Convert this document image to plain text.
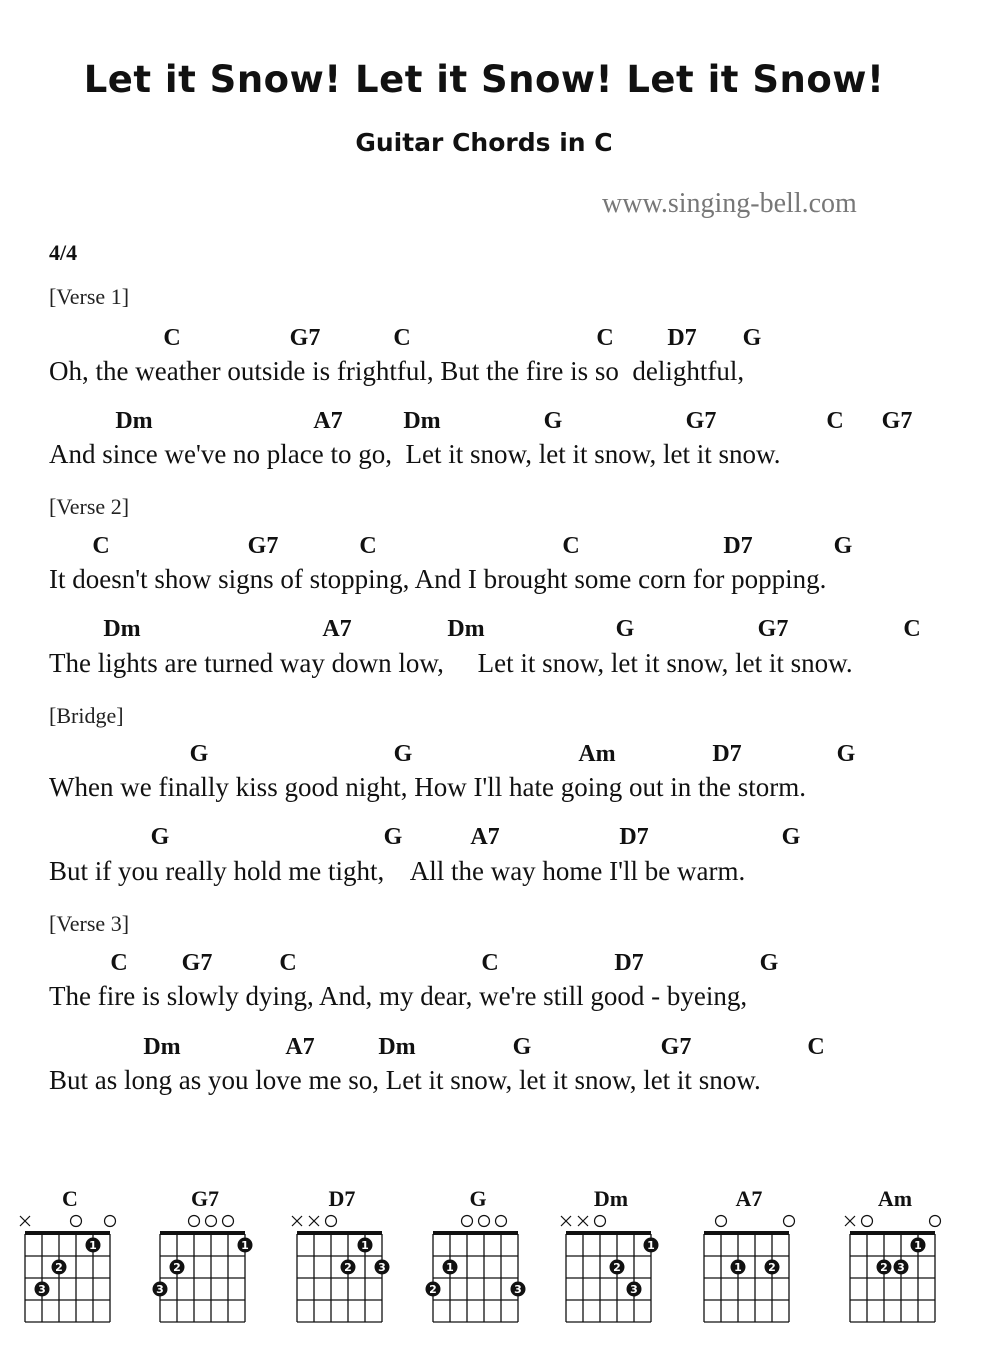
Let it Snow! Let it Snow! Let it Snow!
Guitar Chords in C
www.singing-bell.com
4/4
[Verse 1]
C	G7	C	C D7 G
Oh, the weather outside is frightful, But the fire is so  delightful,
Dm	A7	Dm	G	G7	C G7
And since we've no place to go,  Let it snow, let it snow, let it snow.
[Verse 2]
C	G7	C	C	D7	G
It doesn't show signs of stopping, And I brought some corn for popping.
Dm	A7	Dm	G	G7	C
The lights are turned way down low,     Let it snow, let it snow, let it snow.
[Bridge]
G	G	Am	D7	G
When we finally kiss good night, How I'll hate going out in the storm.
G	G	A7	D7	G
But if you really hold me tight,    All the way home I'll be warm.
[Verse 3]
C G7	C	C	D7	G
The fire is slowly dying, And, my dear, we're still good - byeing,
Dm	A7	Dm	G	G7	C
But as long as you love me so, Let it snow, let it snow, let it snow.
C
1
2
3
G7
1
2
3
D7
1
2 3
G
1
2	3
Dm
1
2
3
A7
1 2
Am
1
2 3
